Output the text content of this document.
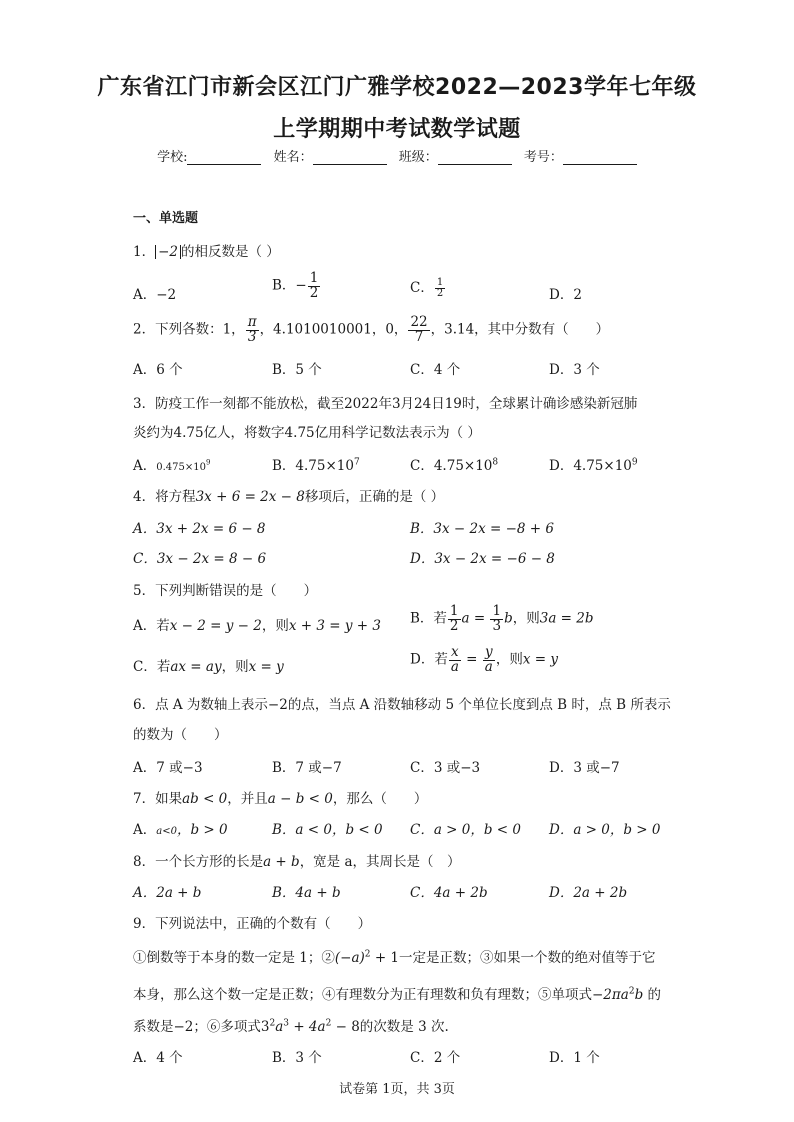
广东省江门市新会区江门广雅学校2022—2023学年七年级
上学期期中考试数学试题
学校:	姓名：	班级：	考号：
一、单选题
1． −2 的相反数是（ ）
A．−2
B．− $\frac{1}{2}$	C． $\frac{1}{2}$	D．2
2．下列各数：1， $\frac{\pi}{3}$ ，4.1010010001，0， $\frac{22}{7}$ ，3.14，其中分数有（　　）
A．6 个	B．5 个	C．4 个	D．3 个
3．防疫工作一刻都不能放松，截至2022年3月24日19时，全球累计确诊感染新冠肺
炎约为4.75亿人，将数字4.75亿用科学记数法表示为（ ）
A．$0.475\times 10^9$	B．$4.75\times 10^7$	C．$4.75\times 10^8$	D．$4.75\times 10^9$
4．将方程3x + 6 = 2x − 8移项后，正确的是（ ）
A．3x + 2x = 6 − 8	B．3x − 2x = −8 + 6
C．3x − 2x = 8 − 6	D．3x − 2x = −6 − 8
5．下列判断错误的是（　　）
A．若x − 2 = y − 2，则x + 3 = y + 3 B．若 $\frac{1}{2}$ $a = \frac{1}{3}$ b，则3a = 2b
C．若ax = ay，则x = y	D．若 $\frac{x}{a} = \frac{y}{a}$ ，则x = y
6．点 A 为数轴上表示−2的点，当点 A 沿数轴移动 5 个单位长度到点 B 时，点 B 所表示
的数为（　　）
A．7 或−3	B．7 或−7	C．3 或−3	D．3 或−7
7．如果ab < 0，并且a − b < 0，那么（　　）
A．a<0，b > 0	B．a < 0，b < 0 C．a > 0，b < 0 D．a > 0，b > 0
8．一个长方形的长是a + b，宽是 a，其周长是（　）
A．2a + b	B．4a + b	C．4a + 2b	D．2a + 2b
9．下列说法中，正确的个数有（　　）
①倒数等于本身的数一定是 1；$②(-a)^2 + 1$一定是正数；③如果一个数的绝对值等于它
本身，那么这个数一定是正数；④有理数分为正有理数和负有理数；⑤单项式$-2\pi a^2b$ 的
系数是−2；⑥多项式$3^2a^3 + 4a^2 - 8$的次数是 3 次.
A．4 个	B．3 个	C．2 个	D．1 个
试卷第 1页，共 3页
